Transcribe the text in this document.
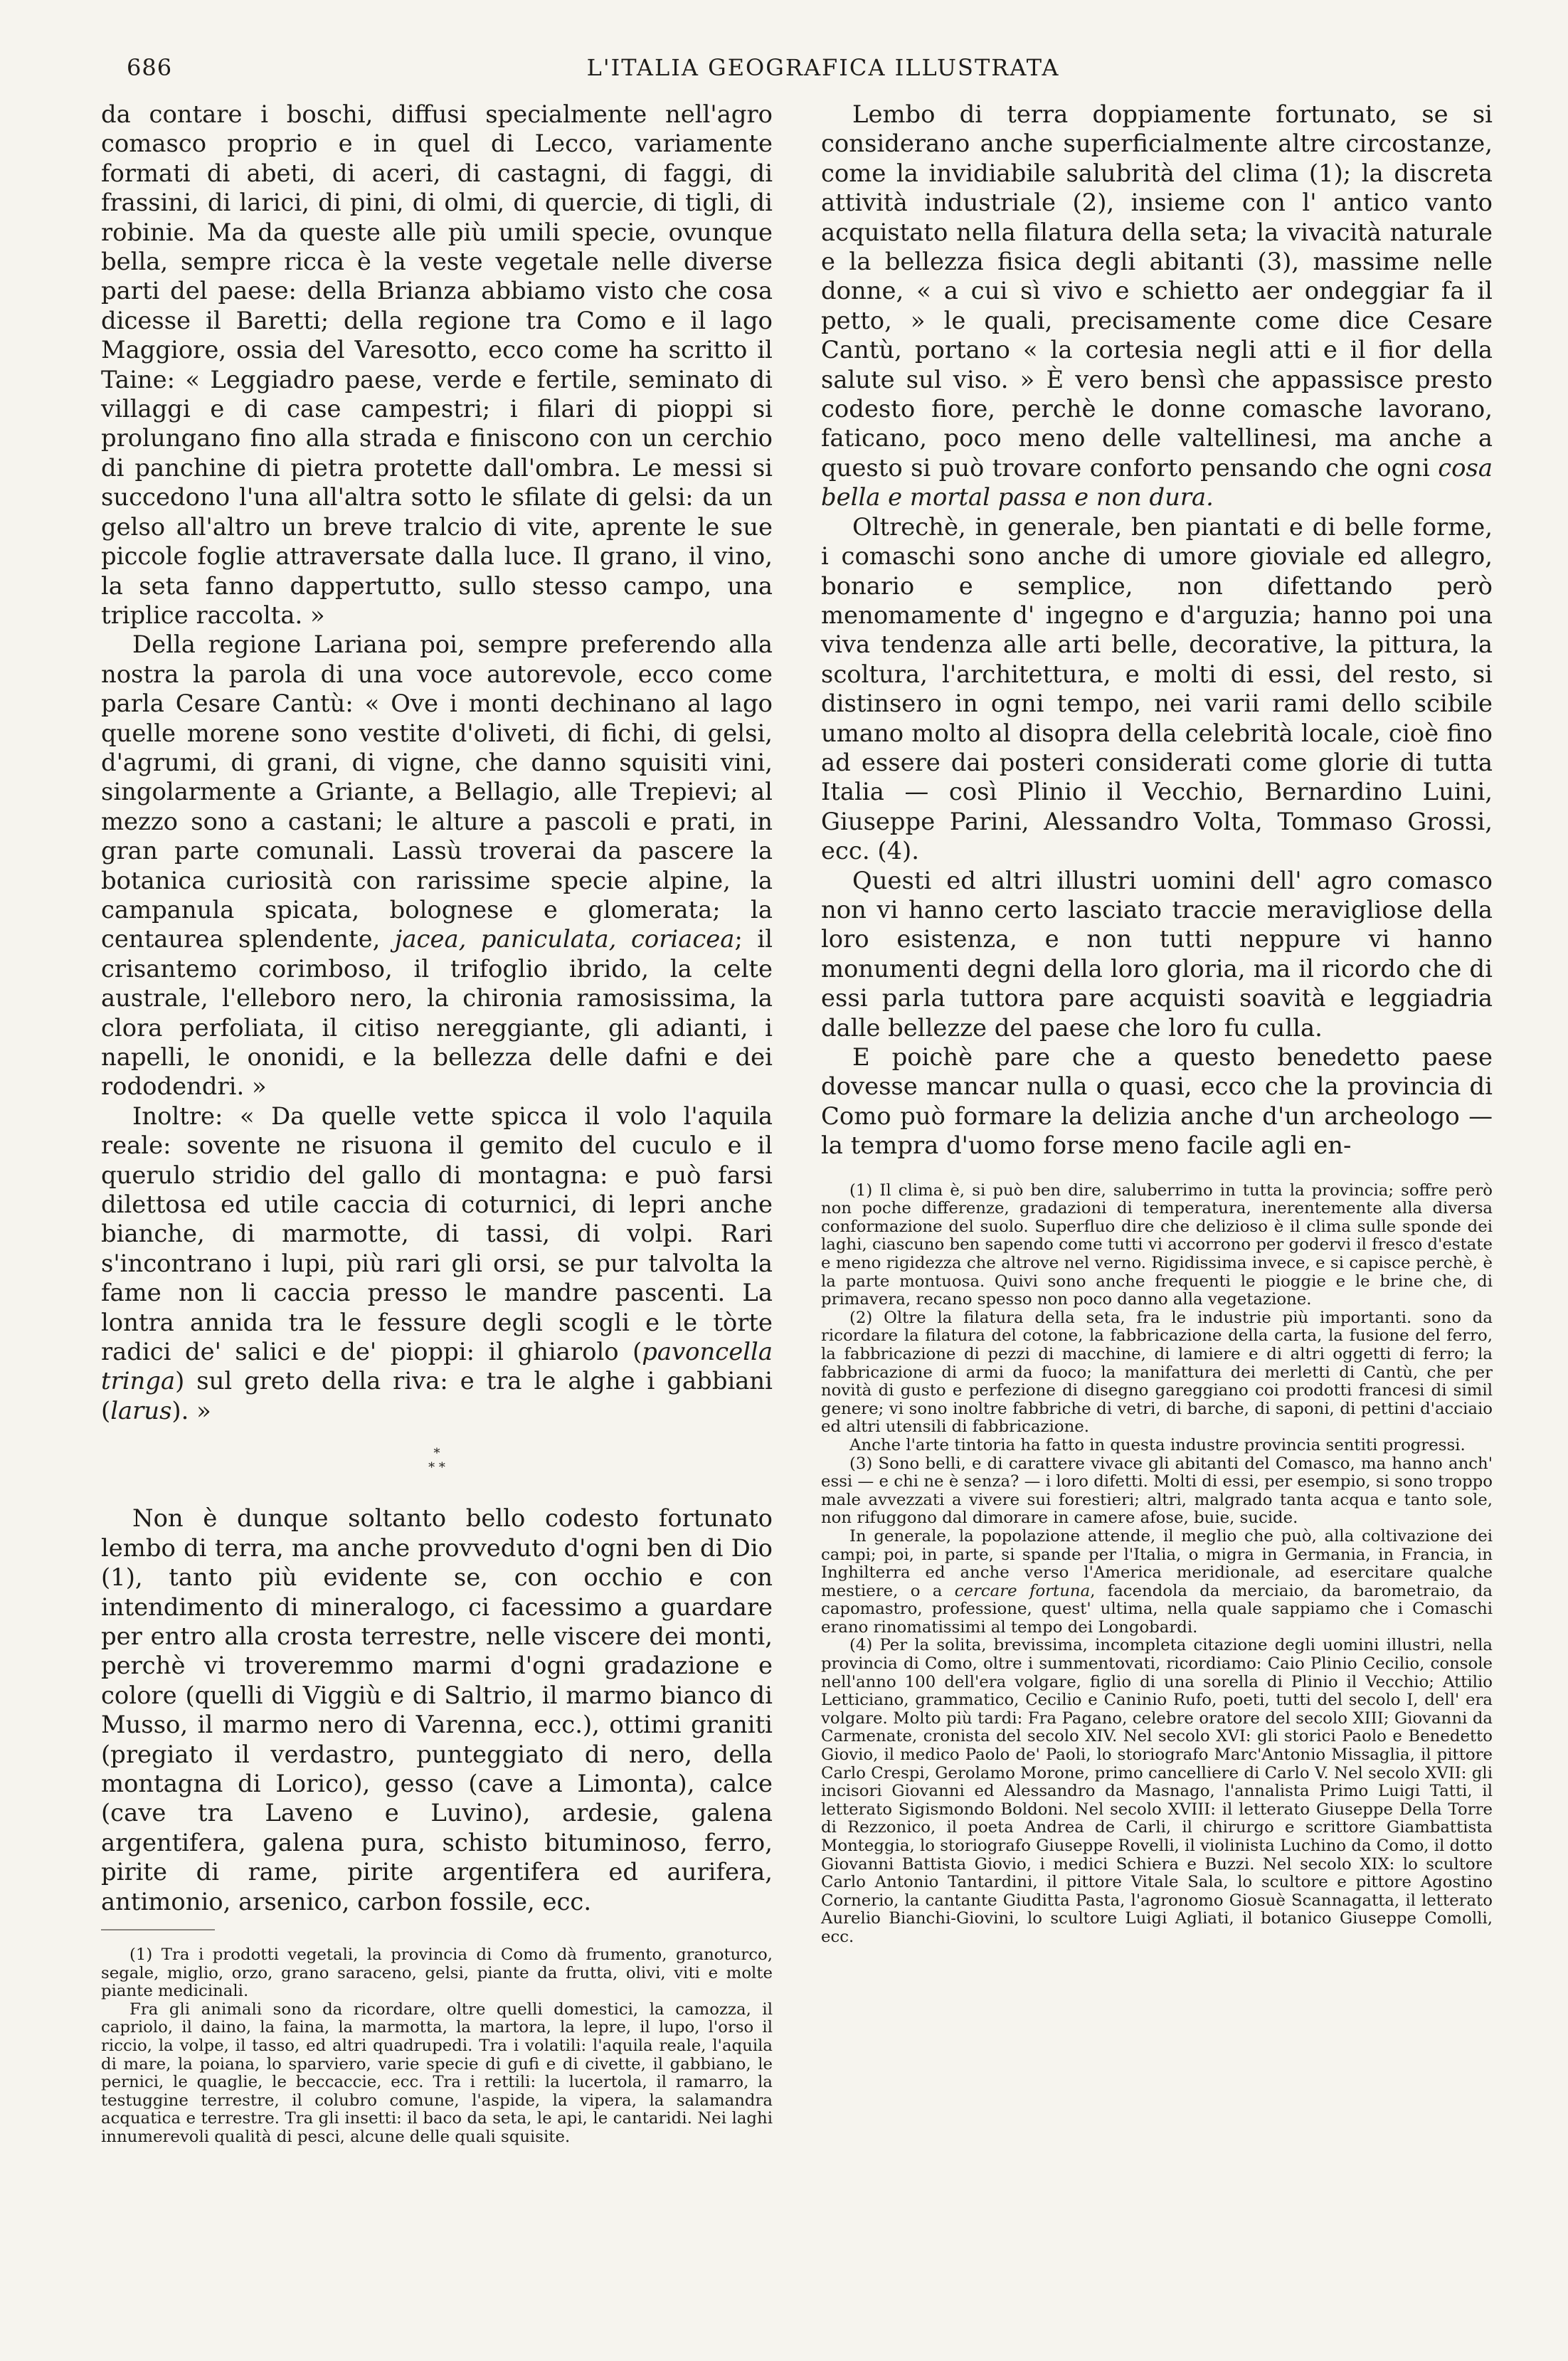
686	L'ITALIA GEOGRAFICA ILLUSTRATA

da contare i boschi, diffusi specialmente nell'agro comasco proprio e in quel di Lecco, variamente formati di abeti, di aceri, di castagni, di faggi, di frassini, di larici, di pini, di olmi, di quercie, di tigli, di robinie. Ma da queste alle più umili specie, ovunque bella, sempre ricca è la veste vegetale nelle diverse parti del paese: della Brianza abbiamo visto che cosa dicesse il Baretti; della regione tra Como e il lago Maggiore, ossia del Varesotto, ecco come ha scritto il Taine: « Leggiadro paese, verde e fertile, seminato di villaggi e di case campestri; i filari di pioppi si prolungano fino alla strada e finiscono con un cerchio di panchine di pietra protette dall'ombra. Le messi si succedono l'una all'altra sotto le sfilate di gelsi: da un gelso all'altro un breve tralcio di vite, aprente le sue piccole foglie attraversate dalla luce. Il grano, il vino, la seta fanno dappertutto, sullo stesso campo, una triplice raccolta. »

Della regione Lariana poi, sempre preferendo alla nostra la parola di una voce autorevole, ecco come parla Cesare Cantù: « Ove i monti dechinano al lago quelle morene sono vestite d'oliveti, di fichi, di gelsi, d'agrumi, di grani, di vigne, che danno squisiti vini, singolarmente a Griante, a Bellagio, alle Trepievi; al mezzo sono a castani; le alture a pascoli e prati, in gran parte comunali. Lassù troverai da pascere la botanica curiosità con rarissime specie alpine, la campanula spicata, bolognese e glomerata; la centaurea splendente, jacea, paniculata, coriacea; il crisantemo corimboso, il trifoglio ibrido, la celte australe, l'elleboro nero, la chironia ramosissima, la clora perfoliata, il citiso nereggiante, gli adianti, i napelli, le ononidi, e la bellezza delle dafni e dei rododendri. »

Inoltre: « Da quelle vette spicca il volo l'aquila reale: sovente ne risuona il gemito del cuculo e il querulo stridio del gallo di montagna: e può farsi dilettosa ed utile caccia di coturnici, di lepri anche bianche, di marmotte, di tassi, di volpi. Rari s'incontrano i lupi, più rari gli orsi, se pur talvolta la fame non li caccia presso le mandre pascenti. La lontra annida tra le fessure degli scogli e le tòrte radici de' salici e de' pioppi: il ghiarolo (pavoncella tringa) sul greto della riva: e tra le alghe i gabbiani (larus). »

*
* *

Non è dunque soltanto bello codesto fortunato lembo di terra, ma anche provveduto d'ogni ben di Dio (1), tanto più evidente se, con occhio e con intendimento di mineralogo, ci facessimo a guardare per entro alla crosta terrestre, nelle viscere dei monti, perchè vi troveremmo marmi d'ogni gradazione e colore (quelli di Viggiù e di Saltrio, il marmo bianco di Musso, il marmo nero di Varenna, ecc.), ottimi graniti (pregiato il verdastro, punteggiato di nero, della montagna di Lorico), gesso (cave a Limonta), calce (cave tra Laveno e Luvino), ardesie, galena argentifera, galena pura, schisto bituminoso, ferro, pirite di rame, pirite argentifera ed aurifera, antimonio, arsenico, carbon fossile, ecc.

(1) Tra i prodotti vegetali, la provincia di Como dà frumento, granoturco, segale, miglio, orzo, grano saraceno, gelsi, piante da frutta, olivi, viti e molte piante medicinali.

Fra gli animali sono da ricordare, oltre quelli domestici, la camozza, il capriolo, il daino, la faina, la marmotta, la martora, la lepre, il lupo, l'orso il riccio, la volpe, il tasso, ed altri quadrupedi. Tra i volatili: l'aquila reale, l'aquila di mare, la poiana, lo sparviero, varie specie di gufi e di civette, il gabbiano, le pernici, le quaglie, le beccaccie, ecc. Tra i rettili: la lucertola, il ramarro, la testuggine terrestre, il colubro comune, l'aspide, la vipera, la salamandra acquatica e terrestre. Tra gli insetti: il baco da seta, le api, le cantaridi. Nei laghi innumerevoli qualità di pesci, alcune delle quali squisite.

Lembo di terra doppiamente fortunato, se si considerano anche superficialmente altre circostanze, come la invidiabile salubrità del clima (1); la discreta attività industriale (2), insieme con l' antico vanto acquistato nella filatura della seta; la vivacità naturale e la bellezza fisica degli abitanti (3), massime nelle donne, « a cui sì vivo e schietto aer ondeggiar fa il petto, » le quali, precisamente come dice Cesare Cantù, portano « la cortesia negli atti e il fior della salute sul viso. » È vero bensì che appassisce presto codesto fiore, perchè le donne comasche lavorano, faticano, poco meno delle valtellinesi, ma anche a questo si può trovare conforto pensando che ogni cosa bella e mortal passa e non dura.

Oltrechè, in generale, ben piantati e di belle forme, i comaschi sono anche di umore gioviale ed allegro, bonario e semplice, non difettando però menomamente d' ingegno e d'arguzia; hanno poi una viva tendenza alle arti belle, decorative, la pittura, la scoltura, l'architettura, e molti di essi, del resto, si distinsero in ogni tempo, nei varii rami dello scibile umano molto al disopra della celebrità locale, cioè fino ad essere dai posteri considerati come glorie di tutta Italia — così Plinio il Vecchio, Bernardino Luini, Giuseppe Parini, Alessandro Volta, Tommaso Grossi, ecc. (4).

Questi ed altri illustri uomini dell' agro comasco non vi hanno certo lasciato traccie meravigliose della loro esistenza, e non tutti neppure vi hanno monumenti degni della loro gloria, ma il ricordo che di essi parla tuttora pare acquisti soavità e leggiadria dalle bellezze del paese che loro fu culla.

E poichè pare che a questo benedetto paese dovesse mancar nulla o quasi, ecco che la provincia di Como può formare la delizia anche d'un archeologo — la tempra d'uomo forse meno facile agli en-

(1) Il clima è, si può ben dire, saluberrimo in tutta la provincia; soffre però non poche differenze, gradazioni di temperatura, inerentemente alla diversa conformazione del suolo. Superfluo dire che delizioso è il clima sulle sponde dei laghi, ciascuno ben sapendo come tutti vi accorrono per godervi il fresco d'estate e meno rigidezza che altrove nel verno. Rigidissima invece, e si capisce perchè, è la parte montuosa. Quivi sono anche frequenti le pioggie e le brine che, di primavera, recano spesso non poco danno alla vegetazione.

(2) Oltre la filatura della seta, fra le industrie più importanti. sono da ricordare la filatura del cotone, la fabbricazione della carta, la fusione del ferro, la fabbricazione di pezzi di macchine, di lamiere e di altri oggetti di ferro; la fabbricazione di armi da fuoco; la manifattura dei merletti di Cantù, che per novità di gusto e perfezione di disegno gareggiano coi prodotti francesi di simil genere; vi sono inoltre fabbriche di vetri, di barche, di saponi, di pettini d'acciaio ed altri utensili di fabbricazione.

Anche l'arte tintoria ha fatto in questa industre provincia sentiti progressi.

(3) Sono belli, e di carattere vivace gli abitanti del Comasco, ma hanno anch' essi — e chi ne è senza? — i loro difetti. Molti di essi, per esempio, si sono troppo male avvezzati a vivere sui forestieri; altri, malgrado tanta acqua e tanto sole, non rifuggono dal dimorare in camere afose, buie, sucide.

In generale, la popolazione attende, il meglio che può, alla coltivazione dei campi; poi, in parte, si spande per l'Italia, o migra in Germania, in Francia, in Inghilterra ed anche verso l'America meridionale, ad esercitare qualche mestiere, o a cercare fortuna, facendola da merciaio, da barometraio, da capomastro, professione, quest' ultima, nella quale sappiamo che i Comaschi erano rinomatissimi al tempo dei Longobardi.

(4) Per la solita, brevissima, incompleta citazione degli uomini illustri, nella provincia di Como, oltre i summentovati, ricordiamo: Caio Plinio Cecilio, console nell'anno 100 dell'era volgare, figlio di una sorella di Plinio il Vecchio; Attilio Letticiano, grammatico, Cecilio e Caninio Rufo, poeti, tutti del secolo I, dell' era volgare. Molto più tardi: Fra Pagano, celebre oratore del secolo XIII; Giovanni da Carmenate, cronista del secolo XIV. Nel secolo XVI: gli storici Paolo e Benedetto Giovio, il medico Paolo de' Paoli, lo storiografo Marc'Antonio Missaglia, il pittore Carlo Crespi, Gerolamo Morone, primo cancelliere di Carlo V. Nel secolo XVII: gli incisori Giovanni ed Alessandro da Masnago, l'annalista Primo Luigi Tatti, il letterato Sigismondo Boldoni. Nel secolo XVIII: il letterato Giuseppe Della Torre di Rezzonico, il poeta Andrea de Carli, il chirurgo e scrittore Giambattista Monteggia, lo storiografo Giuseppe Rovelli, il violinista Luchino da Como, il dotto Giovanni Battista Giovio, i medici Schiera e Buzzi. Nel secolo XIX: lo scultore Carlo Antonio Tantardini, il pittore Vitale Sala, lo scultore e pittore Agostino Cornerio, la cantante Giuditta Pasta, l'agronomo Giosuè Scannagatta, il letterato Aurelio Bianchi-Giovini, lo scultore Luigi Agliati, il botanico Giuseppe Comolli, ecc.
